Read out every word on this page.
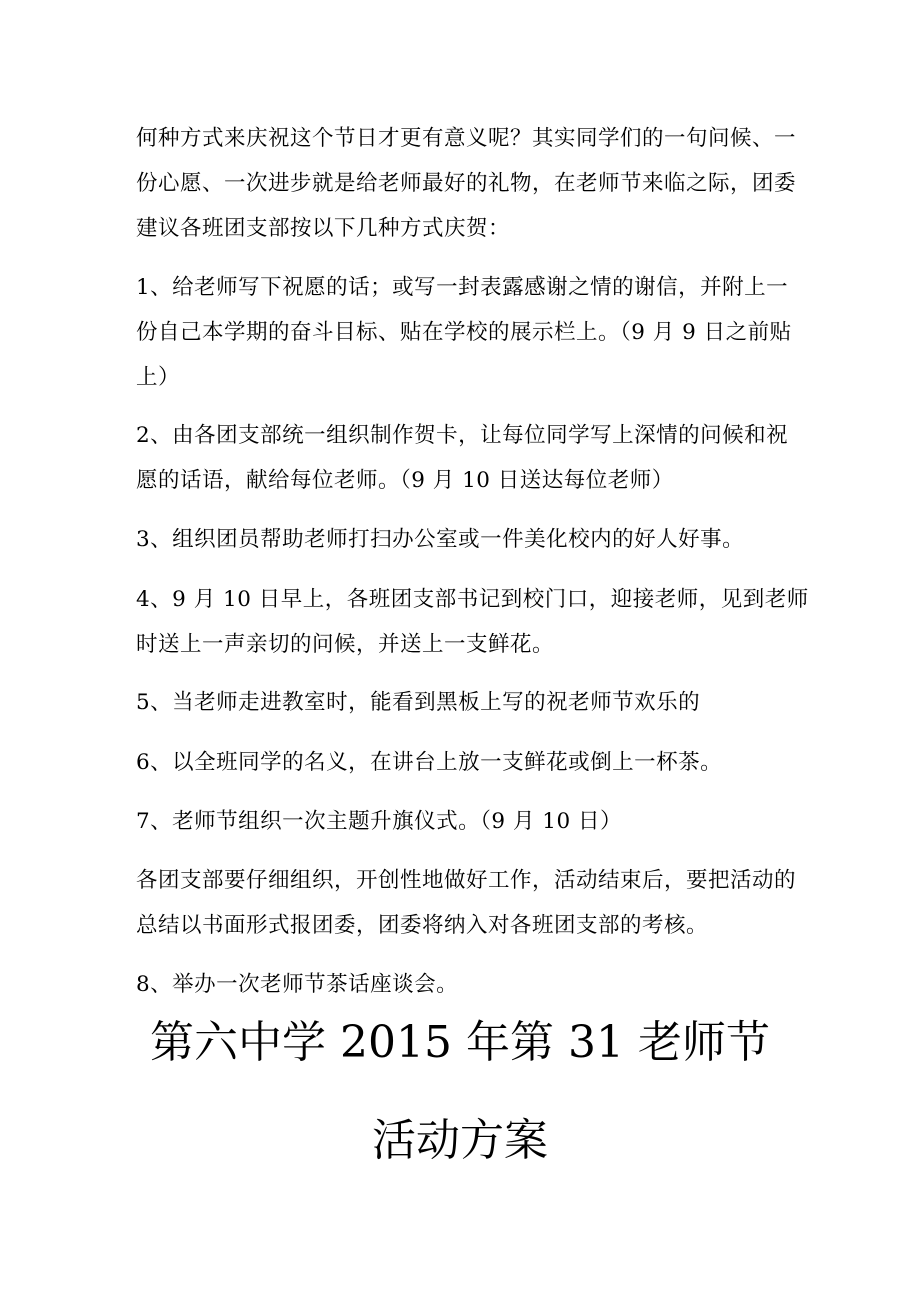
何种方式来庆祝这个节日才更有意义呢？其实同学们的一句问候、一
份心愿、一次进步就是给老师最好的礼物，在老师节来临之际，团委
建议各班团支部按以下几种方式庆贺：
1、给老师写下祝愿的话；或写一封表露感谢之情的谢信，并附上一
份自己本学期的奋斗目标、贴在学校的展示栏上。（9 月 9 日之前贴
上）
2、由各团支部统一组织制作贺卡，让每位同学写上深情的问候和祝
愿的话语，献给每位老师。（9 月 10 日送达每位老师）
3、组织团员帮助老师打扫办公室或一件美化校内的好人好事。
4、9 月 10 日早上，各班团支部书记到校门口，迎接老师，见到老师
时送上一声亲切的问候，并送上一支鲜花。
5、当老师走进教室时，能看到黑板上写的祝老师节欢乐的
6、以全班同学的名义，在讲台上放一支鲜花或倒上一杯茶。
7、老师节组织一次主题升旗仪式。（9 月 10 日）
各团支部要仔细组织，开创性地做好工作，活动结束后，要把活动的
总结以书面形式报团委，团委将纳入对各班团支部的考核。
8、举办一次老师节茶话座谈会。
第六中学 2015 年第 31 老师节
活动方案
